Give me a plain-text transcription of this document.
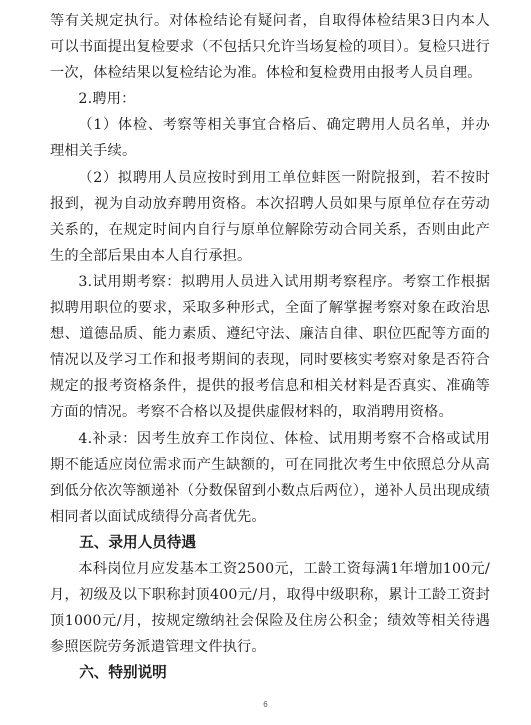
等有关规定执行。对体检结论有疑问者，自取得体检结果3日内本人可以书面提出复检要求（不包括只允许当场复检的项目）。复检只进行一次，体检结果以复检结论为准。体检和复检费用由报考人员自理。

2.聘用：

（1）体检、考察等相关事宜合格后、确定聘用人员名单，并办理相关手续。

（2）拟聘用人员应按时到用工单位蚌医一附院报到，若不按时报到，视为自动放弃聘用资格。本次招聘人员如果与原单位存在劳动关系的，在规定时间内自行与原单位解除劳动合同关系，否则由此产生的全部后果由本人自行承担。

3.试用期考察：拟聘用人员进入试用期考察程序。考察工作根据拟聘用职位的要求，采取多种形式，全面了解掌握考察对象在政治思想、道德品质、能力素质、遵纪守法、廉洁自律、职位匹配等方面的情况以及学习工作和报考期间的表现，同时要核实考察对象是否符合规定的报考资格条件，提供的报考信息和相关材料是否真实、准确等方面的情况。考察不合格以及提供虚假材料的，取消聘用资格。

4.补录：因考生放弃工作岗位、体检、试用期考察不合格或试用期不能适应岗位需求而产生缺额的，可在同批次考生中依照总分从高到低分依次等额递补（分数保留到小数点后两位），递补人员出现成绩相同者以面试成绩得分高者优先。

五、录用人员待遇

本科岗位月应发基本工资2500元，工龄工资每满1年增加100元/月，初级及以下职称封顶400元/月，取得中级职称，累计工龄工资封顶1000元/月，按规定缴纳社会保险及住房公积金；绩效等相关待遇参照医院劳务派遣管理文件执行。

六、特别说明

6
